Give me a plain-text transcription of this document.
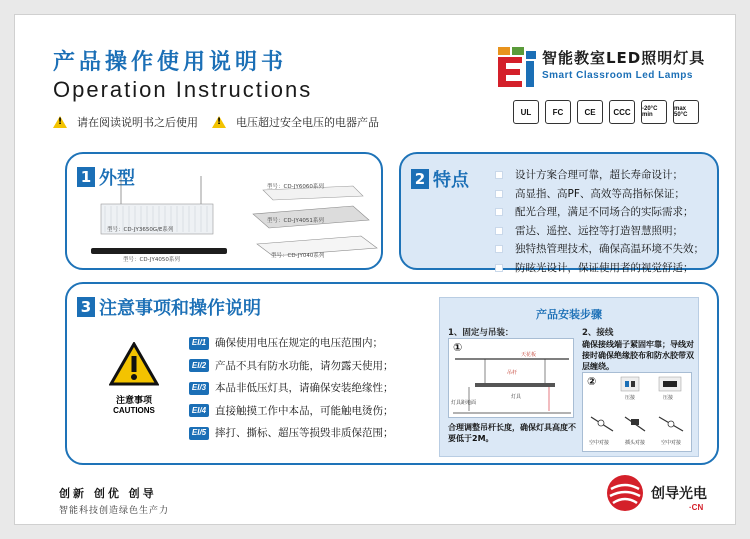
产品操作使用说明书
Operation Instructions
!
请在阅读说明书之后使用
!	电压超过安全电压的电器产品
智能教室LED照明灯具
Smart Classroom Led Lamps
UL	FC	CE	CCC	-20°C min
max 50°C
1 外型
型号：CD-JY3650G/E系列
型号：CD-JY4050系列
型号：CD-JY6060系列
型号：CD-JY4051系列
型号：CD-JY040系列
2 特点	设计方案合理可靠，超长寿命设计；
高显指、高PF、高效等高指标保证；
配光合理，满足不同场合的实际需求；
雷达、遥控、远控等打造智慧照明；
独特热管理技术，确保高温环境不失效；
防眩光设计，保证使用者的视觉舒适；
3 注意事项和操作说明
注意事项
CAUTIONS
EI / 1 确保使用电压在规定的电压范围内；
EI / 2 产品不具有防水功能，请勿露天使用；
EI / 3 本品非低压灯具，请确保安装绝缘性；
EI / 4 直接触摸工作中本品，可能触电烫伤；
EI / 5 摔打、撕标、超压等损毁非质保范围；
产品安装步骤
1、固定与吊装：	2、接线
确保接线端子紧固牢靠；导线对接时确保绝缘胶布和防水胶带双层缠绕。
①
天花板
吊杆
灯具距地面
灯具
合理调整吊杆长度，确保灯具高度不要低于2M。
②
压接	压接
空中对接	插头对接	空中对接
创新 创优 创导
智能科技创造绿色生产力
创导光电
·CN
